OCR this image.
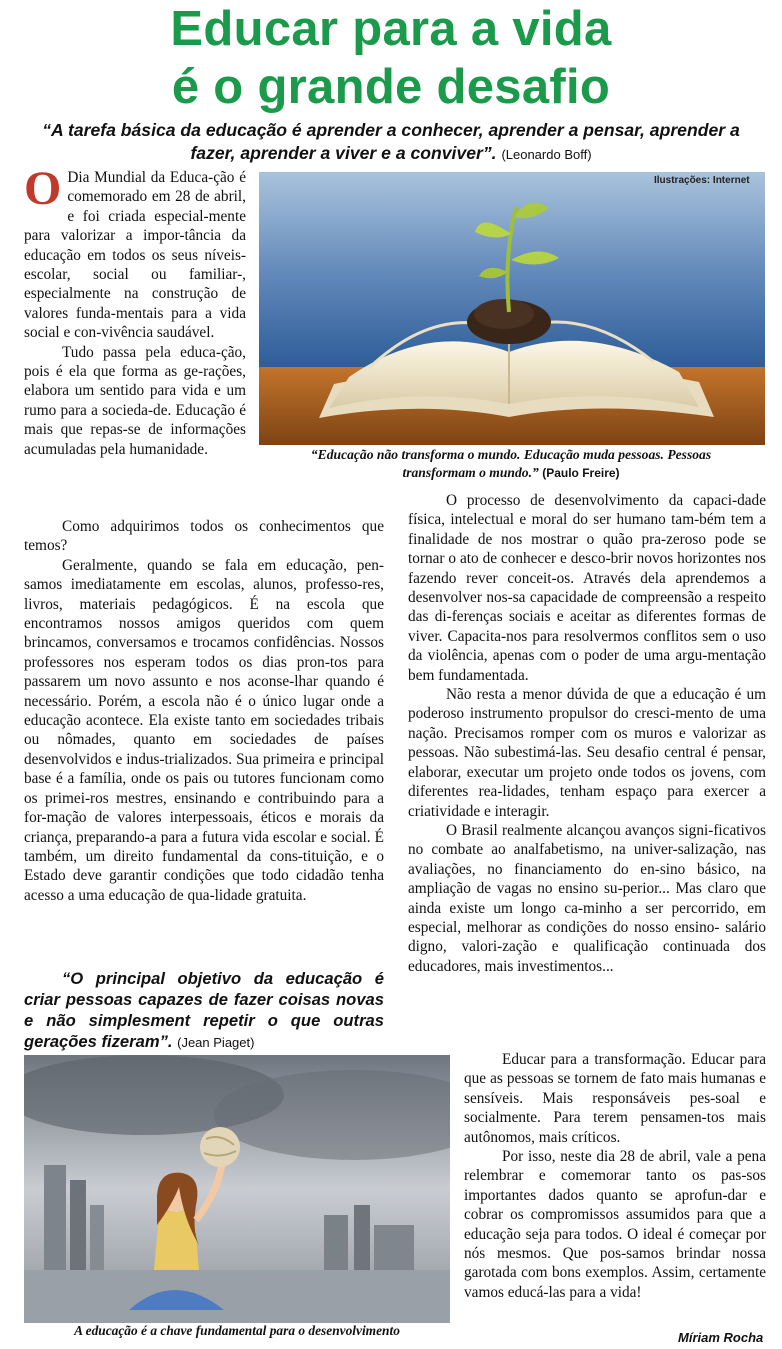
Educar para a vida
é o grande desafio
“A tarefa básica da educação é aprender a conhecer, aprender a pensar, aprender a fazer, aprender a viver e a conviver”. (Leonardo Boff)
Ilustrações: Internet
“Educação não transforma o mundo. Educação muda pessoas. Pessoas transformam o mundo.” (Paulo Freire)

O Dia Mundial da Educa-ção é comemorado em 28 de abril, e foi criada especial-mente para valorizar a impor-tância da educação em todos os seus níveis- escolar, social ou familiar-, especialmente na construção de valores funda-mentais para a vida social e con-vivência saudável.

Tudo passa pela educa-ção, pois é ela que forma as ge-rações, elabora um sentido para vida e um rumo para a socieda-de. Educação é mais que repas-se de informações acumuladas pela humanidade.

Como adquirimos todos os conhecimentos que temos?

Geralmente, quando se fala em educação, pen-samos imediatamente em escolas, alunos, professo-res, livros, materiais pedagógicos. É na escola que encontramos nossos amigos queridos com quem brincamos, conversamos e trocamos confidências. Nossos professores nos esperam todos os dias pron-tos para passarem um novo assunto e nos aconse-lhar quando é necessário. Porém, a escola não é o único lugar onde a educação acontece. Ela existe tanto em sociedades tribais ou nômades, quanto em sociedades de países desenvolvidos e indus-trializados. Sua primeira e principal base é a família, onde os pais ou tutores funcionam como os primei-ros mestres, ensinando e contribuindo para a for-mação de valores interpessoais, éticos e morais da criança, preparando-a para a futura vida escolar e social. É também, um direito fundamental da cons-tituição, e o Estado deve garantir condições que todo cidadão tenha acesso a uma educação de qua-lidade gratuita.

“O principal objetivo da educação é criar pessoas capazes de fazer coisas novas e não simplesment repetir o que outras gerações fizeram”. (Jean Piaget)

O processo de desenvolvimento da capaci-dade física, intelectual e moral do ser humano tam-bém tem a finalidade de nos mostrar o quão pra-zeroso pode se tornar o ato de conhecer e desco-brir novos horizontes nos fazendo rever conceit-os. Através dela aprendemos a desenvolver nos-sa capacidade de compreensão a respeito das di-ferenças sociais e aceitar as diferentes formas de viver. Capacita-nos para resolvermos conflitos sem o uso da violência, apenas com o poder de uma argu-mentação bem fundamentada.

Não resta a menor dúvida de que a educação é um poderoso instrumento propulsor do cresci-mento de uma nação. Precisamos romper com os muros e valorizar as pessoas. Não subestimá-las. Seu desafio central é pensar, elaborar, executar um projeto onde todos os jovens, com diferentes rea-lidades, tenham espaço para exercer a criatividade e interagir.

O Brasil realmente alcançou avanços signi-ficativos no combate ao analfabetismo, na univer-salização, nas avaliações, no financiamento do en-sino básico, na ampliação de vagas no ensino su-perior... Mas claro que ainda existe um longo ca-minho a ser percorrido, em especial, melhorar as condições do nosso ensino- salário digno, valori-zação e qualificação continuada dos educadores, mais investimentos...

A educação é a chave fundamental para o desenvolvimento

Educar para a transformação. Educar para que as pessoas se tornem de fato mais humanas e sensíveis. Mais responsáveis pes-soal e socialmente. Para terem pensamen-tos mais autônomos, mais críticos.

Por isso, neste dia 28 de abril, vale a pena relembrar e comemorar tanto os pas-sos importantes dados quanto se aprofun-dar e cobrar os compromissos assumidos para que a educação seja para todos. O ideal é começar por nós mesmos. Que pos-samos brindar nossa garotada com bons exemplos. Assim, certamente vamos educá-las para a vida!

Míriam Rocha
